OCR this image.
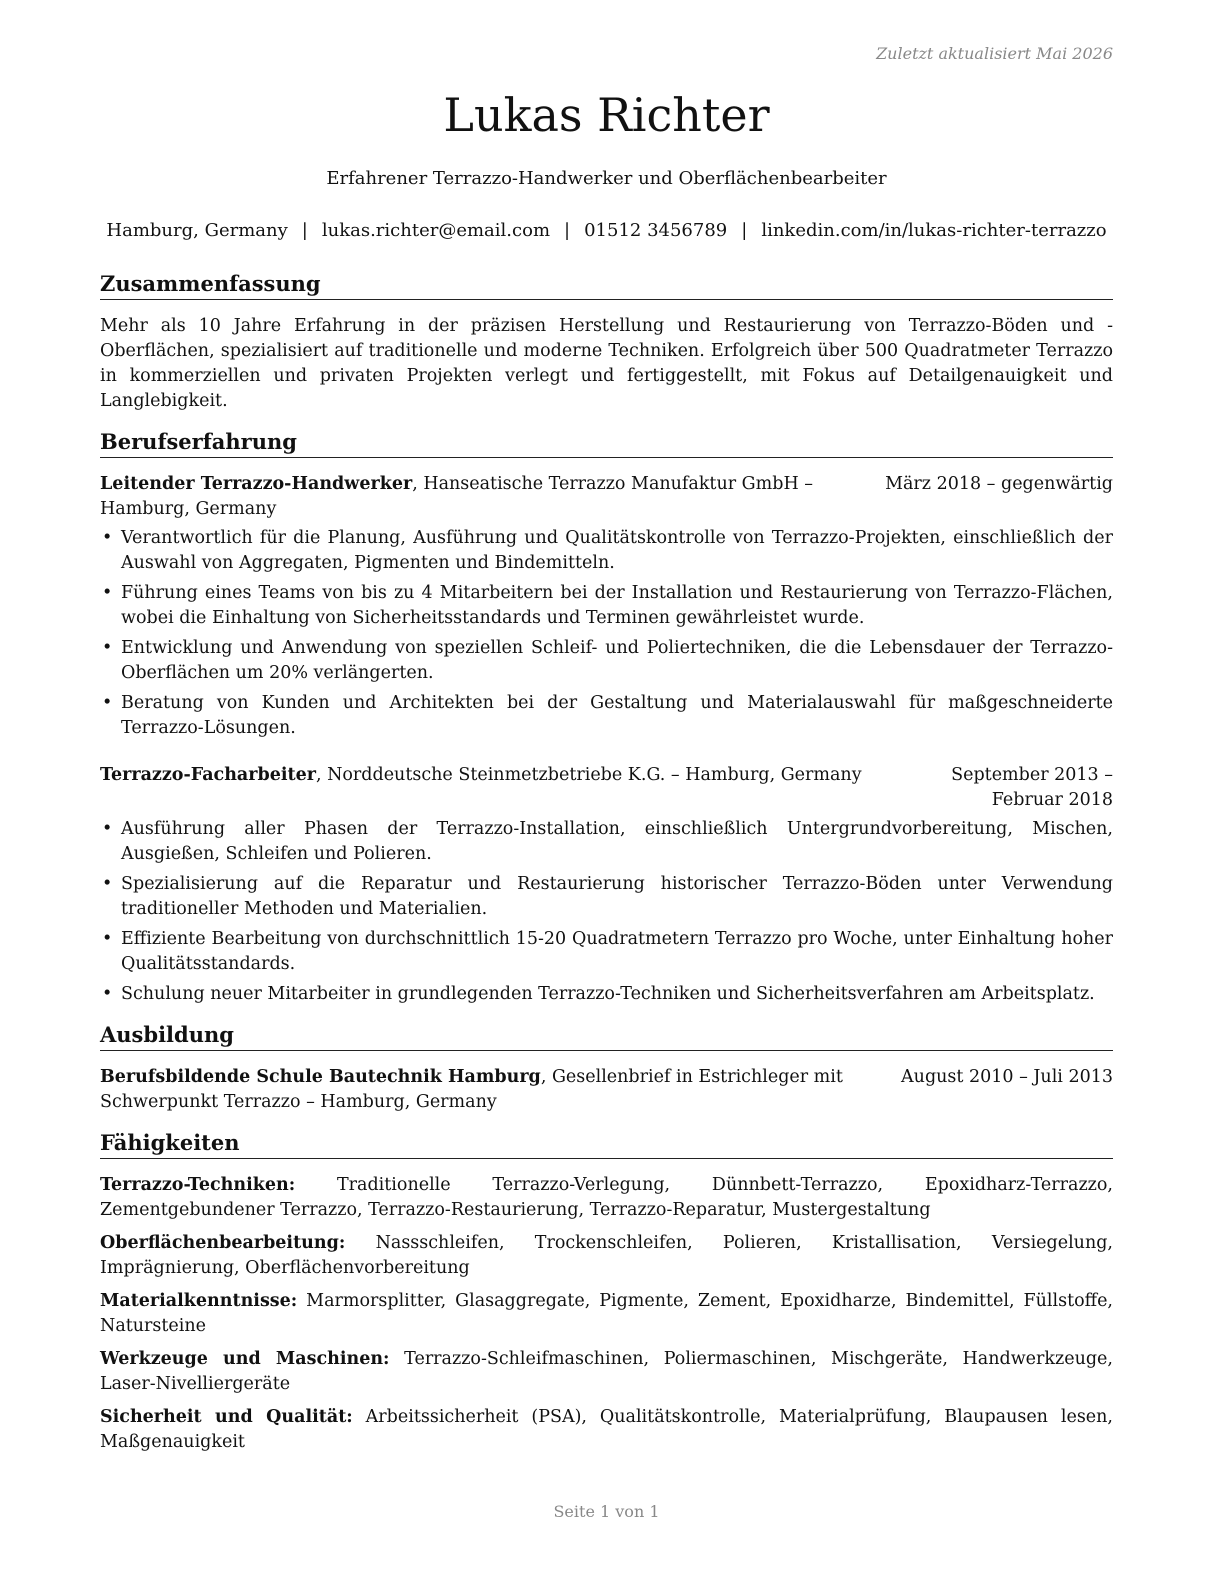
Zuletzt aktualisiert Mai 2026
Lukas Richter
Erfahrener Terrazzo-Handwerker und Oberflächenbearbeiter
Hamburg, Germany | lukas.richter@email.com | 01512 3456789 | linkedin.com/in/lukas-richter-terrazzo
Zusammenfassung

Mehr als 10 Jahre Erfahrung in der präzisen Herstellung und Restaurierung von Terrazzo-Böden und -Oberflächen, spezialisiert auf traditionelle und moderne Techniken. Erfolgreich über 500 Quadratmeter Terrazzo in kommerziellen und privaten Projekten verlegt und fertiggestellt, mit Fokus auf Detailgenauigkeit und Langlebigkeit.

Berufserfahrung
Leitender Terrazzo-Handwerker, Hanseatische Terrazzo Manufaktur GmbH – Hamburg, Germany
März 2018 – gegenwärtig
• Verantwortlich für die Planung, Ausführung und Qualitätskontrolle von Terrazzo-Projekten, einschließlich der Auswahl von Aggregaten, Pigmenten und Bindemitteln.
• Führung eines Teams von bis zu 4 Mitarbeitern bei der Installation und Restaurierung von Terrazzo-Flächen, wobei die Einhaltung von Sicherheitsstandards und Terminen gewährleistet wurde.
• Entwicklung und Anwendung von speziellen Schleif- und Poliertechniken, die die Lebensdauer der Terrazzo-Oberflächen um 20% verlängerten.
• Beratung von Kunden und Architekten bei der Gestaltung und Materialauswahl für maßgeschneiderte Terrazzo-Lösungen.
Terrazzo-Facharbeiter, Norddeutsche Steinmetzbetriebe K.G. – Hamburg, Germany	September 2013 – Februar 2018
• Ausführung aller Phasen der Terrazzo-Installation, einschließlich Untergrundvorbereitung, Mischen, Ausgießen, Schleifen und Polieren.
• Spezialisierung auf die Reparatur und Restaurierung historischer Terrazzo-Böden unter Verwendung traditioneller Methoden und Materialien.
• Effiziente Bearbeitung von durchschnittlich 15-20 Quadratmetern Terrazzo pro Woche, unter Einhaltung hoher Qualitätsstandards.
• Schulung neuer Mitarbeiter in grundlegenden Terrazzo-Techniken und Sicherheitsverfahren am Arbeitsplatz.
Ausbildung
Berufsbildende Schule Bautechnik Hamburg, Gesellenbrief in Estrichleger mit Schwerpunkt Terrazzo – Hamburg, Germany
August 2010 – Juli 2013
Fähigkeiten

Terrazzo-Techniken: Traditionelle Terrazzo-Verlegung, Dünnbett-Terrazzo, Epoxidharz-Terrazzo, Zementgebundener Terrazzo, Terrazzo-Restaurierung, Terrazzo-Reparatur, Mustergestaltung

Oberflächenbearbeitung: Nassschleifen, Trockenschleifen, Polieren, Kristallisation, Versiegelung, Imprägnierung, Oberflächenvorbereitung

Materialkenntnisse: Marmorsplitter, Glasaggregate, Pigmente, Zement, Epoxidharze, Bindemittel, Füllstoffe, Natursteine

Werkzeuge und Maschinen: Terrazzo-Schleifmaschinen, Poliermaschinen, Mischgeräte, Handwerkzeuge, Laser-Nivelliergeräte

Sicherheit und Qualität: Arbeitssicherheit (PSA), Qualitätskontrolle, Materialprüfung, Blaupausen lesen, Maßgenauigkeit

Seite 1 von 1
